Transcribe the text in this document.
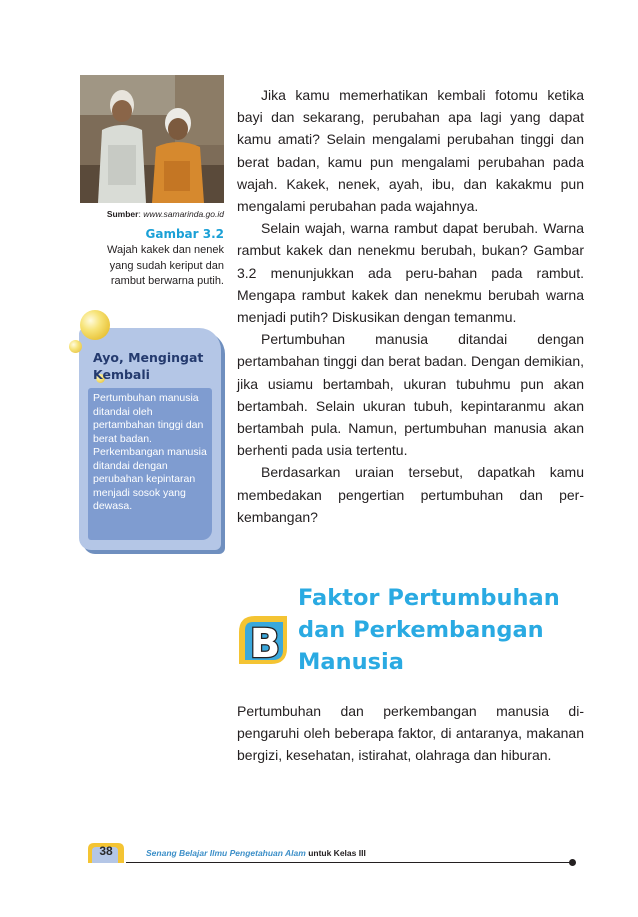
Sumber: www.samarinda.go.id
Gambar 3.2
Wajah kakek dan nenek yang sudah keriput dan rambut berwarna putih.
Ayo, Mengingat Kembali
Pertumbuhan manusia ditandai oleh pertambahan tinggi dan berat badan. Perkembangan manusia ditandai dengan perubahan kepintaran menjadi sosok yang dewasa.

Jika kamu memerhatikan kembali fotomu ketika bayi dan sekarang, perubahan apa lagi yang dapat kamu amati? Selain mengalami perubahan tinggi dan berat badan, kamu pun mengalami perubahan pada wajah. Kakek, nenek, ayah, ibu, dan kakakmu pun mengalami perubahan pada wajahnya.

Selain wajah, warna rambut dapat berubah. Warna rambut kakek dan nenekmu berubah, bukan? Gambar 3.2 menunjukkan ada peru-bahan pada rambut. Mengapa rambut kakek dan nenekmu berubah warna menjadi putih? Diskusikan dengan temanmu.

Pertumbuhan manusia ditandai dengan pertambahan tinggi dan berat badan. Dengan demikian, jika usiamu bertambah, ukuran tubuhmu pun akan bertambah. Selain ukuran tubuh, kepintaranmu akan bertambah pula. Namun, pertumbuhan manusia akan berhenti pada usia tertentu.

Berdasarkan uraian tersebut, dapatkah kamu membedakan pengertian pertumbuhan dan per-kembangan?

B
Faktor Pertumbuhan
dan Perkembangan
Manusia
Pertumbuhan dan perkembangan manusia di-pengaruhi oleh beberapa faktor, di antaranya, makanan bergizi, kesehatan, istirahat, olahraga dan hiburan.
38	Senang Belajar Ilmu Pengetahuan Alam untuk Kelas III
